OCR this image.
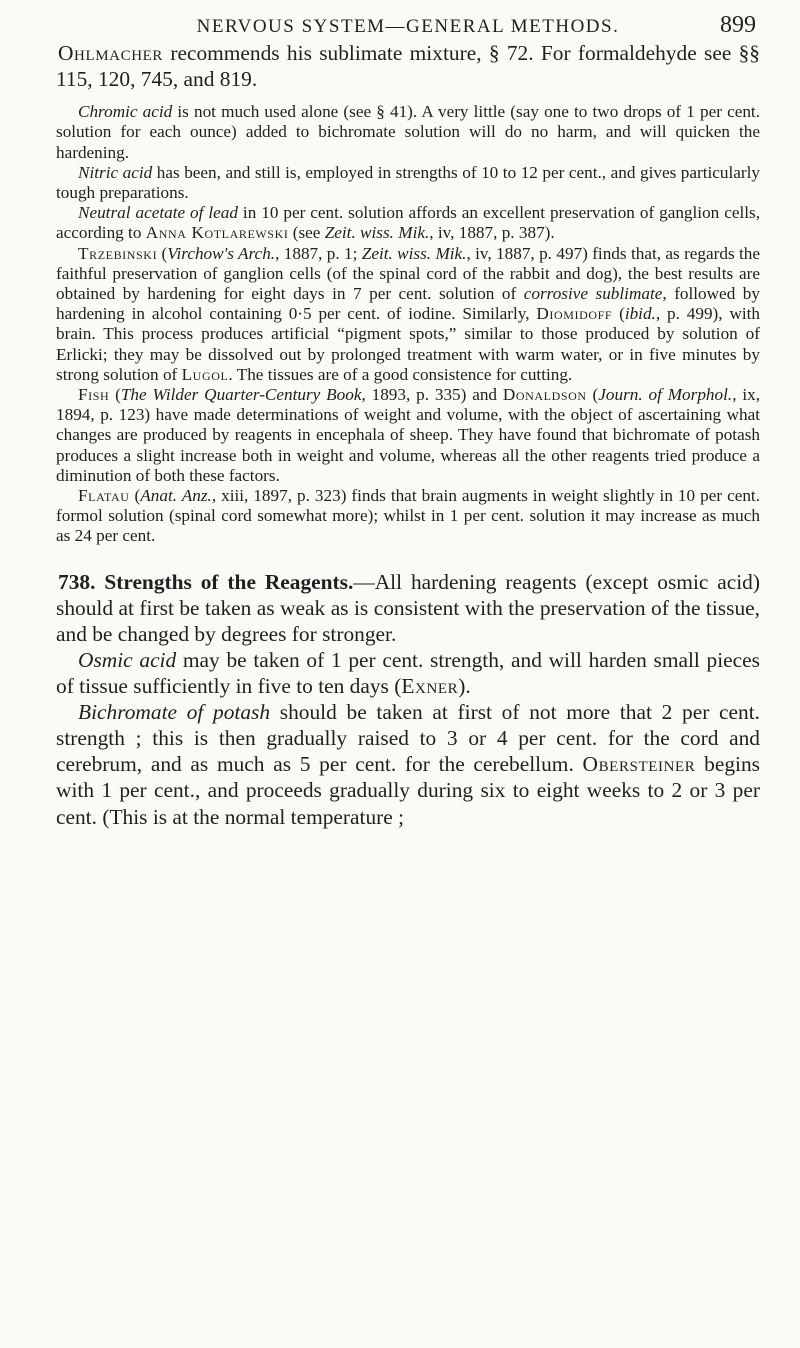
NERVOUS SYSTEM—GENERAL METHODS.	899

Ohlmacher recommends his sublimate mixture, § 72. For formaldehyde see §§ 115, 120, 745, and 819.

Chromic acid is not much used alone (see § 41). A very little (say one to two drops of 1 per cent. solution for each ounce) added to bichromate solution will do no harm, and will quicken the hardening.

Nitric acid has been, and still is, employed in strengths of 10 to 12 per cent., and gives particularly tough preparations.

Neutral acetate of lead in 10 per cent. solution affords an excellent preservation of ganglion cells, according to Anna Kotlarewski (see Zeit. wiss. Mik., iv, 1887, p. 387).

Trzebinski (Virchow's Arch., 1887, p. 1; Zeit. wiss. Mik., iv, 1887, p. 497) finds that, as regards the faithful preservation of ganglion cells (of the spinal cord of the rabbit and dog), the best results are obtained by hardening for eight days in 7 per cent. solution of corrosive sublimate, followed by hardening in alcohol containing 0·5 per cent. of iodine. Similarly, Diomidoff (ibid., p. 499), with brain. This process produces artificial “pigment spots,” similar to those produced by solution of Erlicki; they may be dissolved out by prolonged treatment with warm water, or in five minutes by strong solution of Lugol. The tissues are of a good consistence for cutting.

Fish (The Wilder Quarter-Century Book, 1893, p. 335) and Donaldson (Journ. of Morphol., ix, 1894, p. 123) have made determinations of weight and volume, with the object of ascertaining what changes are produced by reagents in encephala of sheep. They have found that bichromate of potash produces a slight increase both in weight and volume, whereas all the other reagents tried produce a diminution of both these factors.

Flatau (Anat. Anz., xiii, 1897, p. 323) finds that brain augments in weight slightly in 10 per cent. formol solution (spinal cord somewhat more); whilst in 1 per cent. solution it may increase as much as 24 per cent.

738. Strengths of the Reagents.—All hardening reagents (except osmic acid) should at first be taken as weak as is consistent with the preservation of the tissue, and be changed by degrees for stronger.

Osmic acid may be taken of 1 per cent. strength, and will harden small pieces of tissue sufficiently in five to ten days (Exner).

Bichromate of potash should be taken at first of not more that 2 per cent. strength ; this is then gradually raised to 3 or 4 per cent. for the cord and cerebrum, and as much as 5 per cent. for the cerebellum. Obersteiner begins with 1 per cent., and proceeds gradually during six to eight weeks to 2 or 3 per cent. (This is at the normal temperature ;
